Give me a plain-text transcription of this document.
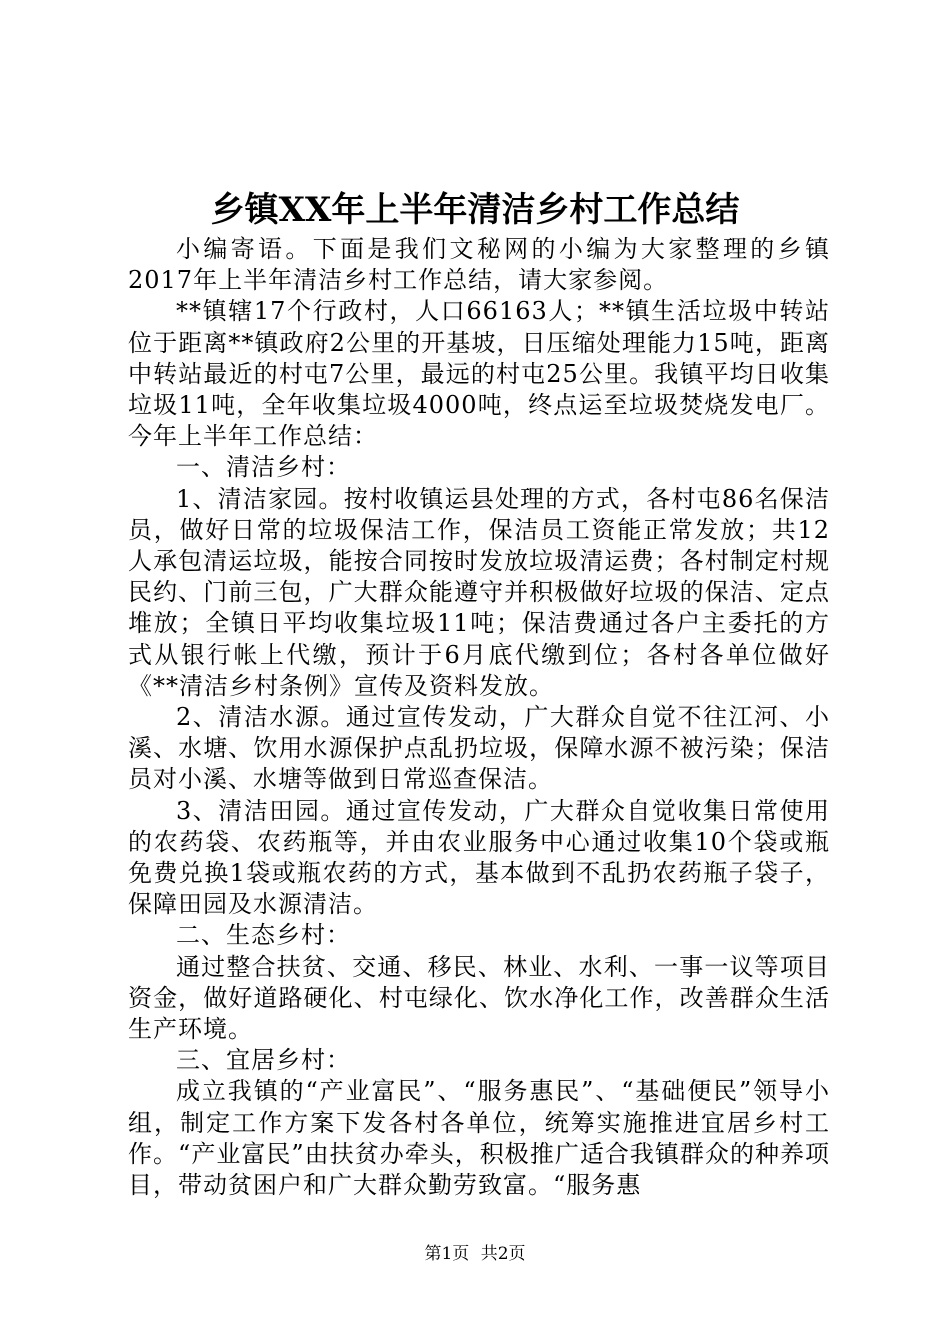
乡镇XX年上半年清洁乡村工作总结

小编寄语。下面是我们文秘网的小编为大家整理的乡镇2017年上半年清洁乡村工作总结，请大家参阅。

**镇辖17个行政村，人口66163人；**镇生活垃圾中转站位于距离**镇政府2公里的开基坡，日压缩处理能力15吨，距离中转站最近的村屯7公里，最远的村屯25公里。我镇平均日收集垃圾11吨，全年收集垃圾4000吨，终点运至垃圾焚烧发电厂。今年上半年工作总结：

一、清洁乡村：

1、清洁家园。按村收镇运县处理的方式，各村屯86名保洁员，做好日常的垃圾保洁工作，保洁员工资能正常发放；共12人承包清运垃圾，能按合同按时发放垃圾清运费；各村制定村规民约、门前三包，广大群众能遵守并积极做好垃圾的保洁、定点堆放；全镇日平均收集垃圾11吨；保洁费通过各户主委托的方式从银行帐上代缴，预计于6月底代缴到位；各村各单位做好《**清洁乡村条例》宣传及资料发放。

2、清洁水源。通过宣传发动，广大群众自觉不往江河、小溪、水塘、饮用水源保护点乱扔垃圾，保障水源不被污染；保洁员对小溪、水塘等做到日常巡查保洁。

3、清洁田园。通过宣传发动，广大群众自觉收集日常使用的农药袋、农药瓶等，并由农业服务中心通过收集10个袋或瓶免费兑换1袋或瓶农药的方式，基本做到不乱扔农药瓶子袋子，保障田园及水源清洁。

二、生态乡村：

通过整合扶贫、交通、移民、林业、水利、一事一议等项目资金，做好道路硬化、村屯绿化、饮水净化工作，改善群众生活生产环境。

三、宜居乡村：

成立我镇的“产业富民”、“服务惠民”、“基础便民”领导小组，制定工作方案下发各村各单位，统筹实施推进宜居乡村工作。“产业富民”由扶贫办牵头，积极推广适合我镇群众的种养项目，带动贫困户和广大群众勤劳致富。“服务惠

第1页 共2页
